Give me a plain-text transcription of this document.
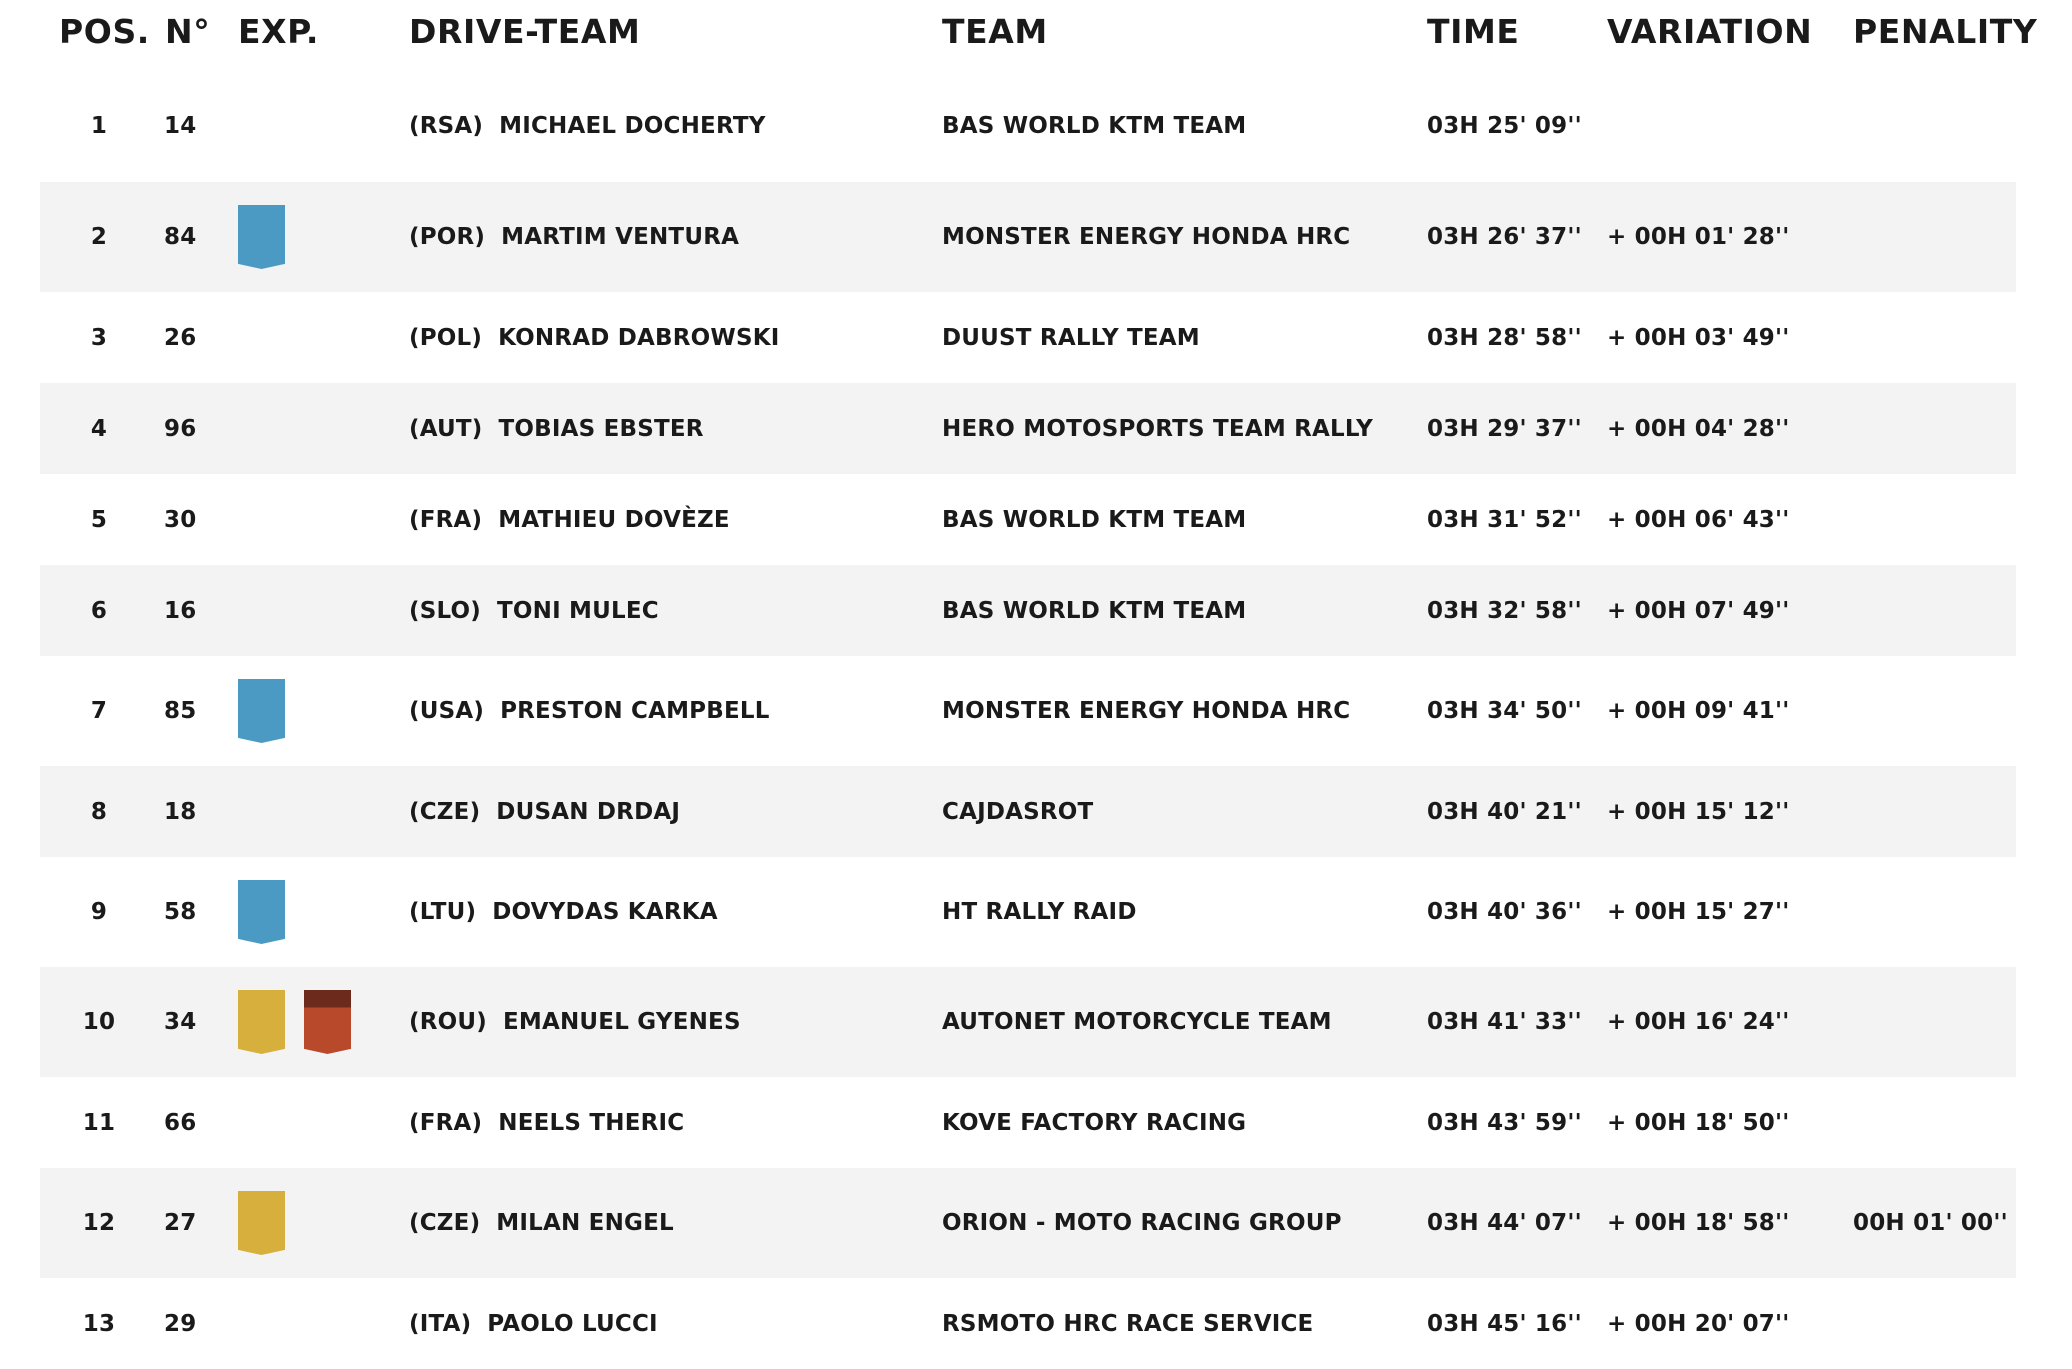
POS. N° EXP.	DRIVE-TEAM	TEAM	TIME	VARIATION PENALITY
1	14	(RSA) MICHAEL DOCHERTY	BAS WORLD KTM TEAM	03H 25' 09''
2	84	(POR) MARTIM VENTURA	MONSTER ENERGY HONDA HRC	03H 26' 37'' + 00H 01' 28''
3	26	(POL) KONRAD DABROWSKI	DUUST RALLY TEAM	03H 28' 58'' + 00H 03' 49''
4	96	(AUT) TOBIAS EBSTER	HERO MOTOSPORTS TEAM RALLY 03H 29' 37'' + 00H 04' 28''
5	30	(FRA) MATHIEU DOVÈZE	BAS WORLD KTM TEAM	03H 31' 52'' + 00H 06' 43''
6	16	(SLO) TONI MULEC	BAS WORLD KTM TEAM	03H 32' 58'' + 00H 07' 49''
7	85	(USA) PRESTON CAMPBELL	MONSTER ENERGY HONDA HRC	03H 34' 50'' + 00H 09' 41''
8	18	(CZE) DUSAN DRDAJ	CAJDASROT	03H 40' 21'' + 00H 15' 12''
9	58	(LTU) DOVYDAS KARKA	HT RALLY RAID	03H 40' 36'' + 00H 15' 27''
10	34	(ROU) EMANUEL GYENES	AUTONET MOTORCYCLE TEAM	03H 41' 33'' + 00H 16' 24''
11	66	(FRA) NEELS THERIC	KOVE FACTORY RACING	03H 43' 59'' + 00H 18' 50''
12	27	(CZE) MILAN ENGEL	ORION - MOTO RACING GROUP	03H 44' 07'' + 00H 18' 58''	00H 01' 00''
13	29	(ITA) PAOLO LUCCI	RSMOTO HRC RACE SERVICE	03H 45' 16'' + 00H 20' 07''
